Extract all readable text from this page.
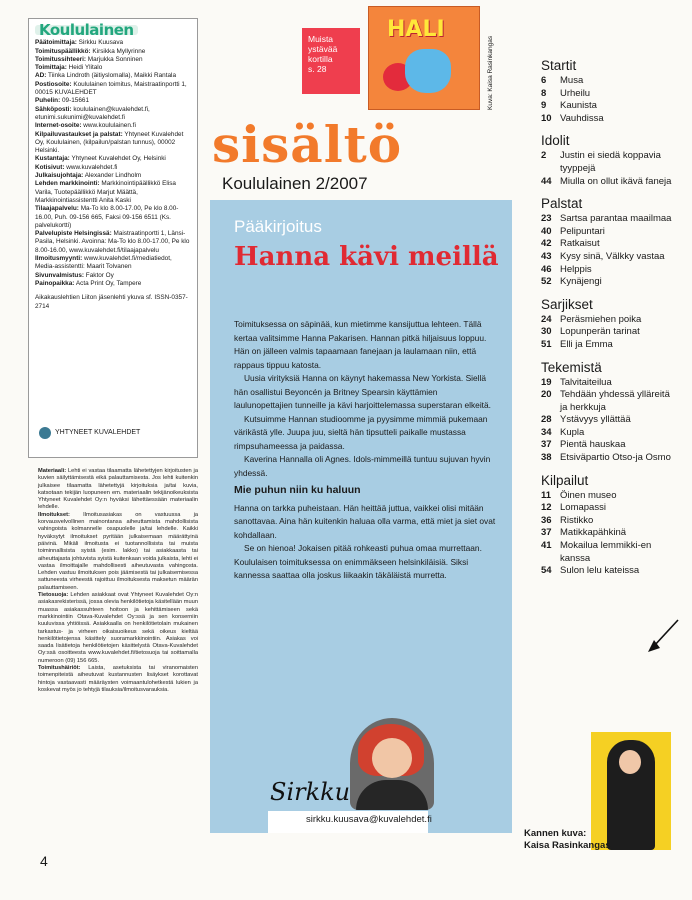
Koululainen
Päätoimittaja: Sirkku Kuusava
Toimituspäällikkö: Kirsikka Myllyrinne
Toimitussihteeri: Marjukka Sonninen
Toimittaja: Heidi Ylitalo
AD: Tiinka Lindroth (äitiyslomalla), Maikki Rantala
Postiosoite: Koululainen toimitus, Maistraatinportti 1, 00015 KUVALEHDET
Puhelin: 09-15661
Sähköposti: koululainen@kuvalehdet.fi, etunimi.sukunimi@kuvalehdet.fi
Internet-osoite: www.koululainen.fi
Kilpailuvastaukset ja palstat: Yhtyneet Kuvalehdet Oy, Koululainen, (kilpailun/palstan tunnus), 00002 Helsinki.
Kustantaja: Yhtyneet Kuvalehdet Oy, Helsinki
Kotisivut: www.kuvalehdet.fi
Julkaisujohtaja: Alexander Lindholm
Lehden markkinointi: Markkinointipäällikkö Elisa Varila, Tuotepäällikkö Marjut Määttä, Markkinointiassistentti Anita Kaski
Tilaajapalvelu: Ma-To klo 8.00-17.00, Pe klo 8.00-16.00, Puh. 09-156 665, Faksi 09-156 6511 (Ks. palvelukortti)
Palvelupiste Helsingissä: Maistraatinportti 1, Länsi-Pasila, Helsinki. Avoinna: Ma-To klo 8.00-17.00, Pe klo 8.00-16.00, www.kuvalehdet.fi/tilaajapalvelu
Ilmoitusmyynti: www.kuvalehdet.fi/mediatiedot, Media-assistentti: Maarit Tolvanen
Sivunvalmistus: Faktor Oy
Painopaikka: Acta Print Oy, Tampere
Aikakauslehtien Liiton jäsenlehti ykuva sf. ISSN-0357-2714
YHTYNEET KUVALEHDET

Materiaali: Lehti ei vastaa tilaamatta lähetettyjen kirjoitusten ja kuvien säilyttämisestä eikä palauttamisesta. Jos lehti kuitenkin julkaisee tilaamatta lähetettyjä kirjoituksia ja/tai kuvia, katsotaan tekijän luopuneen em. materiaalin tekijänoikeuksista Yhtyneet Kuvalehdet Oy:n hyväksi lähettäessään materiaalin lehdelle.

Ilmoitukset: Ilmoitusasiakas on vastuussa ja korvausvelvollinen mainontansa aiheuttamista mahdollisista vahingoista kolmannelle osapuolelle ja/tai lehdelle. Kaikki hyväksytyt ilmoitukset pyritään julkaisemaan määrättyinä päivinä. Mikäli ilmoitusta ei tuotannollisista tai muista toiminnallisista syistä (esim. lakko) tai asiakkaasta tai aiheuttajasta johtuvista syistä kuitenkaan voida julkaista, lehti ei vastaa ilmoittajalle mahdollisesti aiheutuvasta vahingosta. Lehden vastuu ilmoituksen pois jäämisestä tai julkaisemisessa sattuneesta virheestä rajoittuu ilmoituksesta maksetun määrän palauttamiseen.

Tietosuoja: Lehden asiakkaat ovat Yhtyneet Kuvalehdet Oy:n asiakasrekisterissä, jossa olevia henkilötietoja käsitellään muun muassa asiakassuhteen hoitoon ja kehittämiseen sekä markkinointiin Otava-Kuvalehdet Oy:ssä ja sen konserniin kuuluvissa yhtiöissä. Asiakkaalla on henkilötietolain mukainen tarkastus- ja virheen oikaisuoikeus sekä oikeus kieltää henkilötietojensa käsittely suoramarkkinointiin. Asiakas voi saada lisätietoja henkilötietojen käsittelystä Otava-Kuvalehdet Oy:ssä osoitteesta www.kuvalehdet.fi/tietosuoja tai soittamalla numeroon (09) 156 665.

Toimitushäiriöt: Laista, asetuksista tai viranomaisten toimenpiteistä aiheutuvat kustannusten lisäykset korottavat hintoja vastaavasti määräysten voimaantulohetkestä lukien ja koskevat myös jo tehtyjä tilauksia/ilmoitusvarauksia.

4
Muista
ystävää
kortilla
s. 28
HALI
Kuva: Kaisa Rasinkangas
sisältö
Koululainen 2/2007
Pääkirjoitus
Hanna kävi meillä

Toimituksessa on säpinää, kun mietimme kansijuttua lehteen. Tällä kertaa valitsimme Hanna Pakarisen. Hannan pitkä hiljaisuus loppuu. Hän on jälleen valmis tapaamaan fanejaan ja laulamaan niin, että rappaus tippuu katosta.

Uusia virityksiä Hanna on käynyt hakemassa New Yorkista. Siellä hän osallistui Beyoncén ja Britney Spearsin käyttämien laulunopettajien tunneille ja kävi harjoittelemassa superstaran elkeitä.

Kutsuimme Hannan studioomme ja pyysimme mimmiä pukemaan värikästä ylle. Juupa juu, sieltä hän tipsutteli paikalle mustassa rimpsuhameessa ja paidassa.

Kaverina Hannalla oli Agnes. Idols-mimmeillä tuntuu sujuvan hyvin yhdessä.

Mie puhun niin ku haluun

Hanna on tarkka puheistaan. Hän heittää juttua, vaikkei olisi mitään sanottavaa. Aina hän kuitenkin haluaa olla varma, että miet ja siet ovat kohdallaan.

Se on hienoa! Jokaisen pitää rohkeasti puhua omaa murrettaan. Koululaisen toimituksessa on enimmäkseen helsinkiläisiä. Siksi kannessa saattaa olla joskus liikaakin täkäläistä murretta.

Sirkku
sirkku.kuusava@kuvalehdet.fi
Startit
6	Musa
8	Urheilu
9	Kaunista
10 Vauhdissa
Idolit
2	Justin ei siedä koppavia tyyppejä
44 Miulla on ollut ikävä faneja
Palstat
23 Sartsa parantaa maailmaa
40 Pelipuntari
42 Ratkaisut
43 Kysy sinä, Välkky vastaa
46 Helppis
52 Kynäjengi
Sarjikset
24 Peräsmiehen poika
30 Lopunperän tarinat
51 Elli ja Emma
Tekemistä
19 Talvitaiteilua
20 Tehdään yhdessä ylläreitä ja herkkuja
28 Ystävyys yllättää
34 Kupla
37 Pientä hauskaa
38 Etsiväpartio Otso-ja Osmo
Kilpailut
11 Öinen museo
12 Lomapassi
36 Ristikko
37 Matikkapähkinä
41 Mokailua lemmikki-en kanssa
54 Sulon lelu kateissa
Kannen kuva:
Kaisa Rasinkangas
